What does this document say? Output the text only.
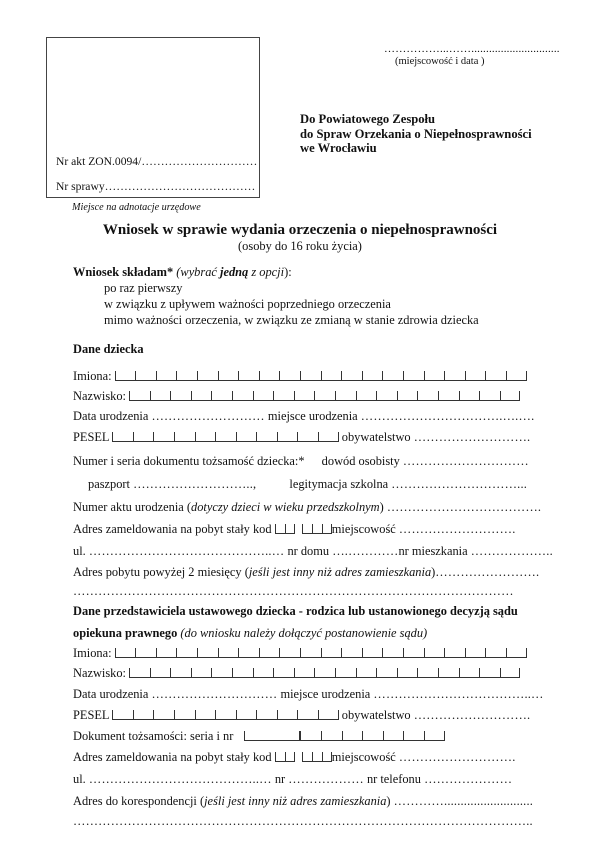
……………...……..............................
(miejscowość i data )
Nr akt ZON.0094/…………………………
Nr sprawy…………………………………
Miejsce na adnotacje urzędowe
Do Powiatowego Zespołu
do Spraw Orzekania o Niepełnosprawności
we Wrocławiu
Wniosek w sprawie wydania orzeczenia o niepełnosprawności
(osoby do 16 roku życia)
Wniosek składam* (wybrać jedną z opcji):
po raz pierwszy
w związku z upływem ważności poprzedniego orzeczenia
mimo ważności orzeczenia, w związku ze zmianą w stanie zdrowia dziecka
Dane dziecka
Imiona:
Nazwisko:
Data urodzenia ……………………… miejsce urodzenia …………………………….….….
PESEL	obywatelstwo ……………………….
Numer i seria dokumentu tożsamość dziecka:* dowód osobisty …………………………
paszport ………………………..,	legitymacja szkolna …………………………...
Numer aktu urodzenia (dotyczy dzieci w wieku przedszkolnym) ……………………………….
Adres zameldowania na pobyt stały kod	miejscowość ……………………….
ul. ……………………………………..… nr domu ….…………nr mieszkania ………………..
Adres pobytu powyżej 2 miesięcy (jeśli jest inny niż adres zamieszkania)…………………….
……………………………………………………………………………………………
Dane przedstawiciela ustawowego dziecka - rodzica lub ustanowionego decyzją sądu
opiekuna prawnego (do wniosku należy dołączyć postanowienie sądu)
Imiona:
Nazwisko:
Data urodzenia ………………………… miejsce urodzenia ………………………………..…
PESEL	obywatelstwo ……………………….
Dokument tożsamości: seria i nr
Adres zameldowania na pobyt stały kod	miejscowość ……………………….
ul. …………………………………..… nr ……………… nr telefonu …………………
Adres do korespondencji (jeśli jest inny niż adres zamieszkania) …………...........................
………………………………………………………………………………………………..
